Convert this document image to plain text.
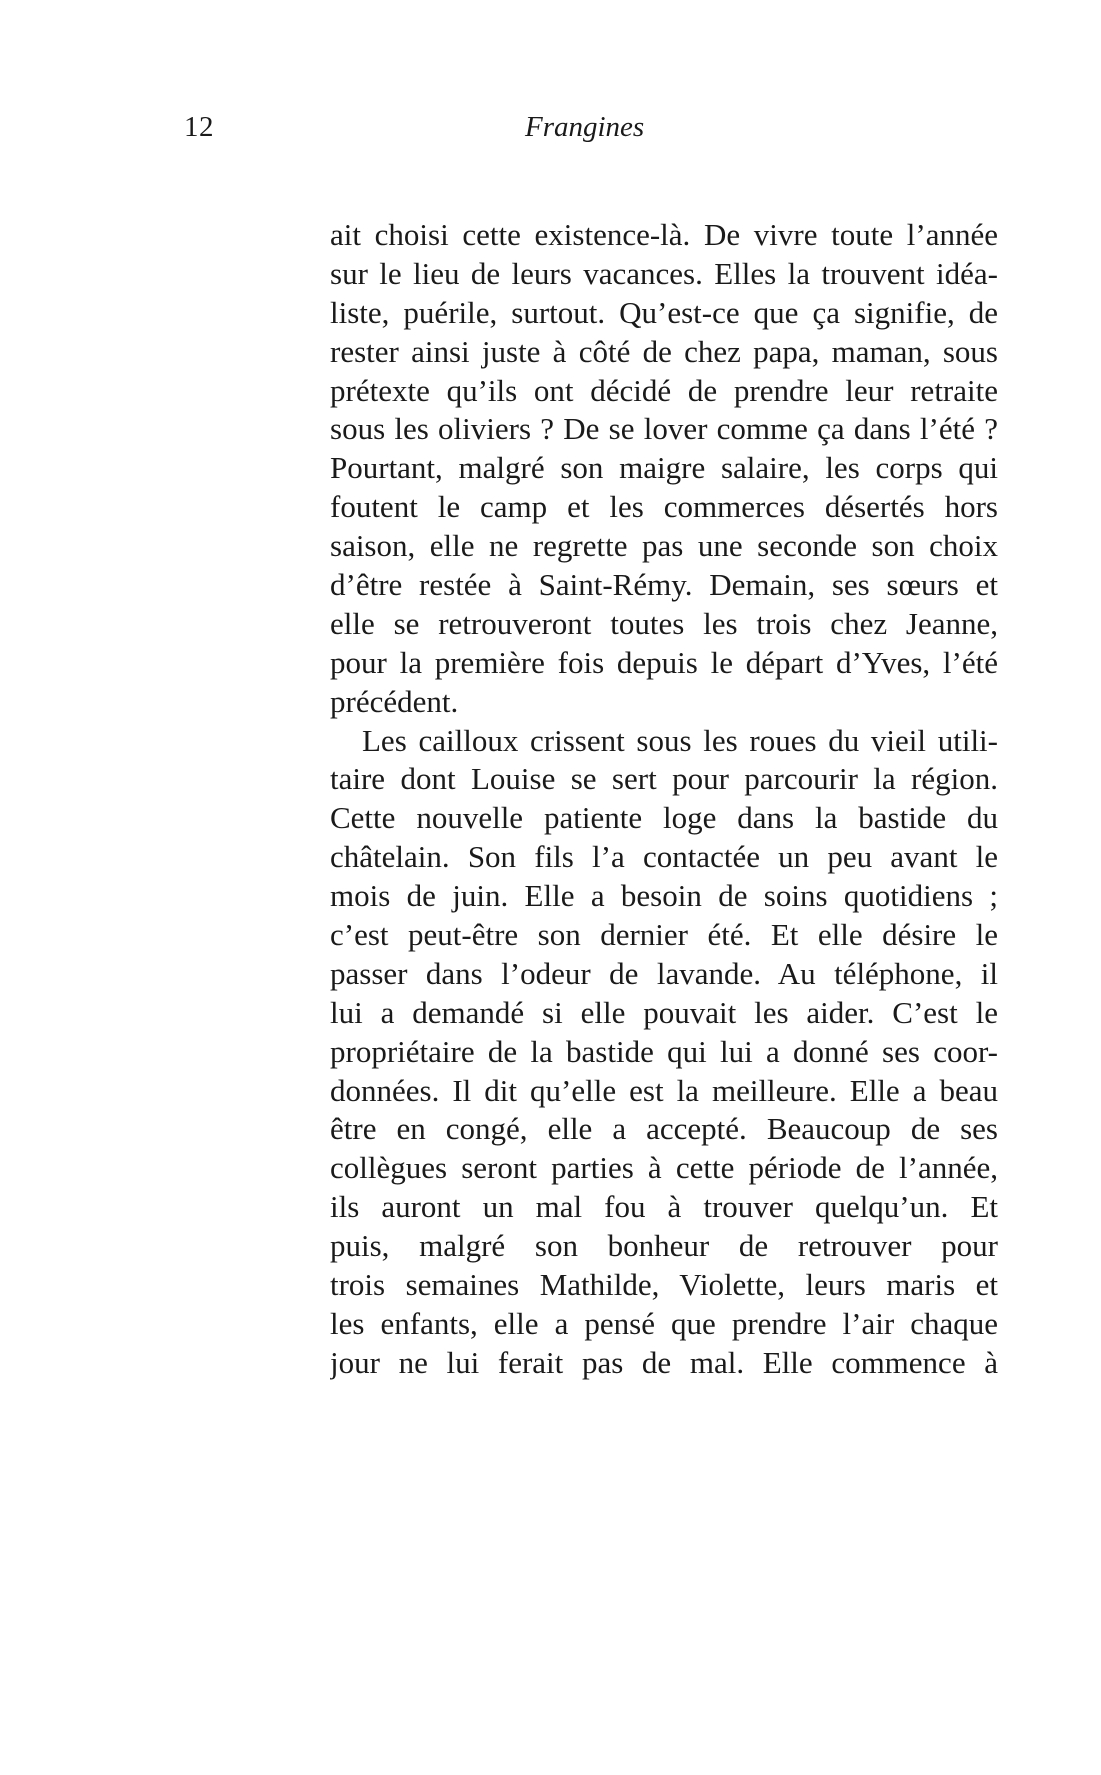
12	Frangines
ait choisi cette existence-là. De vivre toute l’année
sur le lieu de leurs vacances. Elles la trouvent idéa-
liste, puérile, surtout. Qu’est-ce que ça signifie, de
rester ainsi juste à côté de chez papa, maman, sous
prétexte qu’ils ont décidé de prendre leur retraite
sous les oliviers ? De se lover comme ça dans l’été ?
Pourtant, malgré son maigre salaire, les corps qui
foutent le camp et les commerces désertés hors
saison, elle ne regrette pas une seconde son choix
d’être restée à Saint-Rémy. Demain, ses sœurs et
elle se retrouveront toutes les trois chez Jeanne,
pour la première fois depuis le départ d’Yves, l’été
précédent.
Les cailloux crissent sous les roues du vieil utili-
taire dont Louise se sert pour parcourir la région.
Cette nouvelle patiente loge dans la bastide du
châtelain. Son fils l’a contactée un peu avant le
mois de juin. Elle a besoin de soins quotidiens ;
c’est peut-être son dernier été. Et elle désire le
passer dans l’odeur de lavande. Au téléphone, il
lui a demandé si elle pouvait les aider. C’est le
propriétaire de la bastide qui lui a donné ses coor-
données. Il dit qu’elle est la meilleure. Elle a beau
être en congé, elle a accepté. Beaucoup de ses
collègues seront parties à cette période de l’année,
ils auront un mal fou à trouver quelqu’un. Et
puis, malgré son bonheur de retrouver pour
trois semaines Mathilde, Violette, leurs maris et
les enfants, elle a pensé que prendre l’air chaque
jour ne lui ferait pas de mal. Elle commence à
